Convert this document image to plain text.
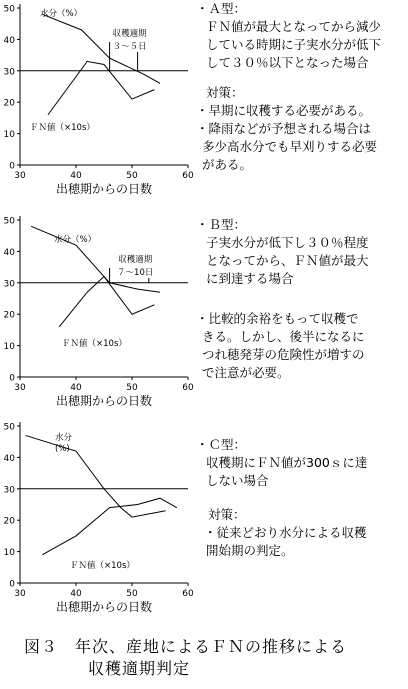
出穂期からの日数
0
10
20
30
40
50
30	40	50	60
水分（%）
ＦＮ値（×10s）
収穫適期
３～５日
出穂期からの日数
0
10
20
30
40
50
30	40	50	60
水分（%）
ＦＮ値（×10s）
収穫適期
７～10日
出穂期からの日数
0
10
20
30
40
50
30	40	50	60
水分
(%)
ＦＮ値（×10s）
・Ａ型：
ＦＮ値が最大となってから減少
している時期に子実水分が低下
して３０％以下となった場合
対策：
・早期に収穫する必要がある。
・降雨などが予想される場合は
多少高水分でも早刈りする必要
がある。
・Ｂ型：
子実水分が低下し３０％程度
となってから、ＦＮ値が最大
に到達する場合
・比較的余裕をもって収穫で
きる。しかし、後半になるに
つれ穂発芽の危険性が増すの
で注意が必要。
・Ｃ型：
収穫期にＦＮ値が300ｓに達
しない場合
対策：
・従来どおり水分による収穫
開始期の判定。
図３　年次、産地によるＦＮの推移による
収穫適期判定
